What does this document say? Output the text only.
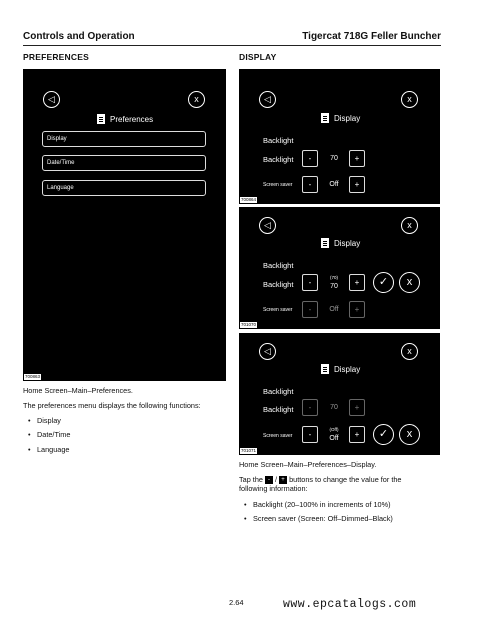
Controls and Operation	Tigercat 718G Feller Buncher
PREFERENCES
◁	x
Preferences
Display
Date/Time
Language
700863
Home Screen–Main–Preferences.
The preferences menu displays the following functions:
• Display
• Date/Time
• Language
DISPLAY
◁	x
Display
Backlight
Backlight	-	70	+
Screen saver	-	Off	+
700864
◁	x
Display
Backlight
Backlight	-
(70)
70	+	✓	x
Screen saver	-	Off	+
701070
◁	x
Display
Backlight
Backlight	-	70	+
Screen saver	-
(Off)
Off	+	✓	x
701071
Home Screen–Main–Preferences–Display.
Tap the - / + buttons to change the value for the
following information:
• Backlight (20–100% in increments of 10%)
• Screen saver (Screen: Off–Dimmed–Black)
2.64	www.epcatalogs.com
